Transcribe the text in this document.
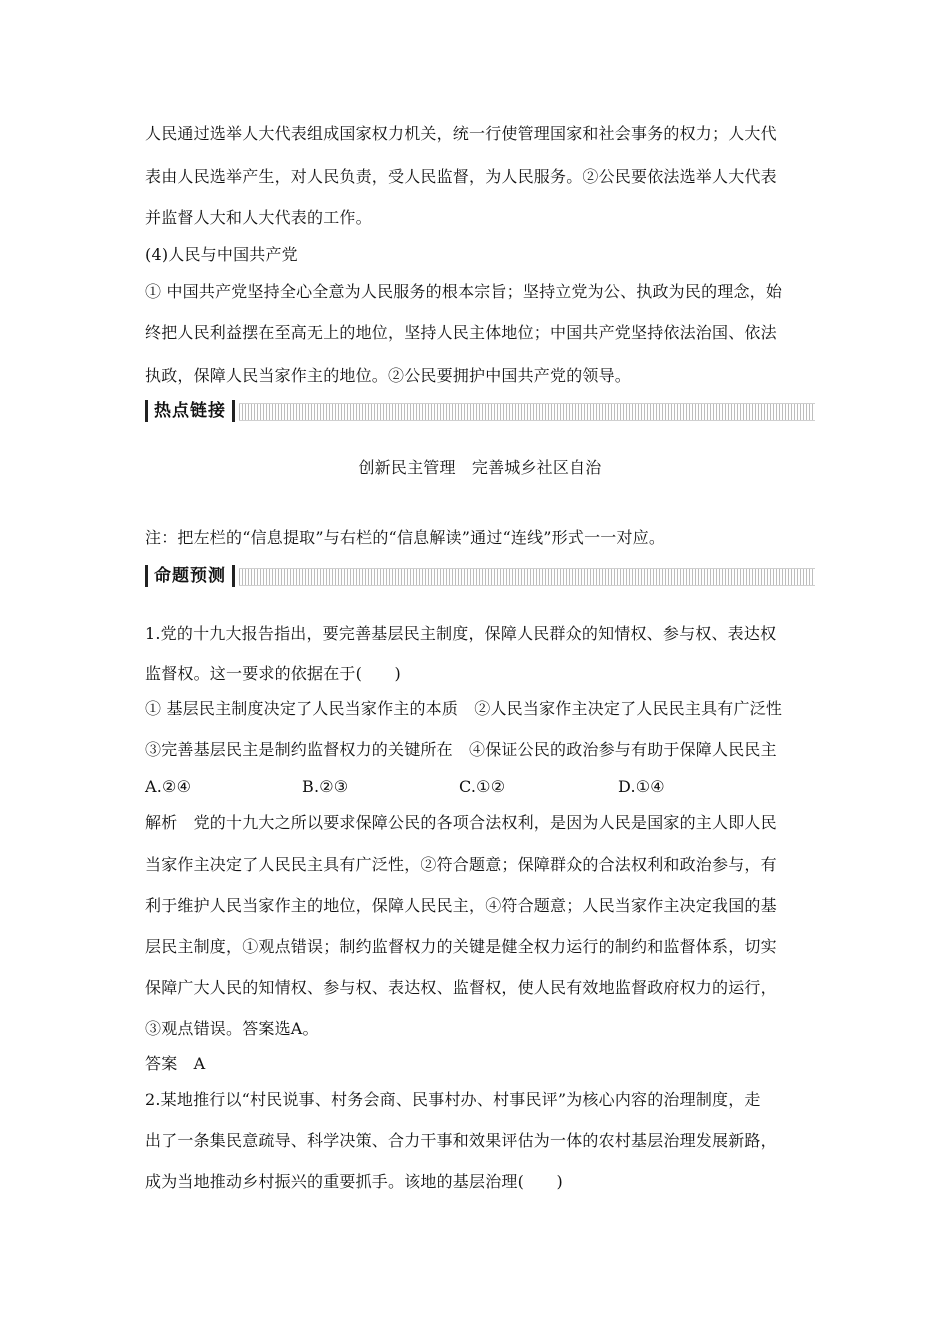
人民通过选举人大代表组成国家权力机关，统一行使管理国家和社会事务的权力；人大代
表由人民选举产生，对人民负责，受人民监督，为人民服务。②公民要依法选举人大代表
并监督人大和人大代表的工作。
(4)人民与中国共产党
① 中国共产党坚持全心全意为人民服务的根本宗旨；坚持立党为公、执政为民的理念，始
终把人民利益摆在至高无上的地位，坚持人民主体地位；中国共产党坚持依法治国、依法
执政，保障人民当家作主的地位。②公民要拥护中国共产党的领导。
热点链接
创新民主管理　完善城乡社区自治
注：把左栏的“信息提取”与右栏的“信息解读”通过“连线”形式一一对应。
命题预测
1.党的十九大报告指出，要完善基层民主制度，保障人民群众的知情权、参与权、表达权
监督权。这一要求的依据在于(　　)
① 基层民主制度决定了人民当家作主的本质　②人民当家作主决定了人民民主具有广泛性
③完善基层民主是制约监督权力的关键所在　④保证公民的政治参与有助于保障人民民主
A.②④	B.②③	C.①②	D.①④
解析　党的十九大之所以要求保障公民的各项合法权利，是因为人民是国家的主人即人民
当家作主决定了人民民主具有广泛性，②符合题意；保障群众的合法权利和政治参与，有
利于维护人民当家作主的地位，保障人民民主，④符合题意；人民当家作主决定我国的基
层民主制度，①观点错误；制约监督权力的关键是健全权力运行的制约和监督体系，切实
保障广大人民的知情权、参与权、表达权、监督权，使人民有效地监督政府权力的运行，
③观点错误。答案选A。
答案　A
2.某地推行以“村民说事、村务会商、民事村办、村事民评”为核心内容的治理制度，走
出了一条集民意疏导、科学决策、合力干事和效果评估为一体的农村基层治理发展新路，
成为当地推动乡村振兴的重要抓手。该地的基层治理(　　)
